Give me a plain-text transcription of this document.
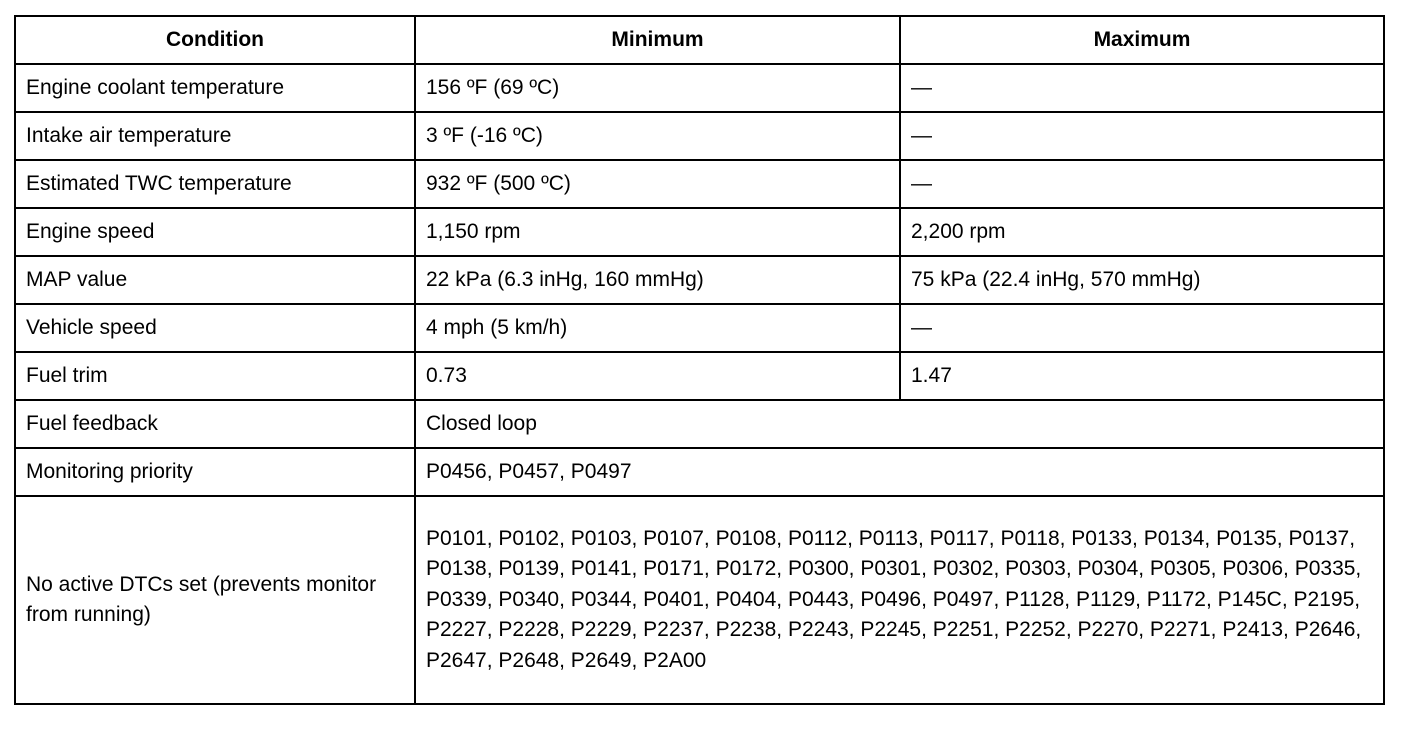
Condition	Minimum	Maximum
Engine coolant temperature	156 ºF (69 ºC)	—
Intake air temperature	3 ºF (-16 ºC)	—
Estimated TWC temperature	932 ºF (500 ºC)	—
Engine speed	1,150 rpm	2,200 rpm
MAP value	22 kPa (6.3 inHg, 160 mmHg)	75 kPa (22.4 inHg, 570 mmHg)
Vehicle speed	4 mph (5 km/h)	—
Fuel trim	0.73	1.47
Fuel feedback	Closed loop	
Monitoring priority	P0456, P0457, P0497	
No active DTCs set (prevents monitor from running)	P0101, P0102, P0103, P0107, P0108, P0112, P0113, P0117, P0118, P0133, P0134, P0135, P0137, P0138, P0139, P0141, P0171, P0172, P0300, P0301, P0302, P0303, P0304, P0305, P0306, P0335, P0339, P0340, P0344, P0401, P0404, P0443, P0496, P0497, P1128, P1129, P1172, P145C, P2195, P2227, P2228, P2229, P2237, P2238, P2243, P2245, P2251, P2252, P2270, P2271, P2413, P2646, P2647, P2648, P2649, P2A00	
